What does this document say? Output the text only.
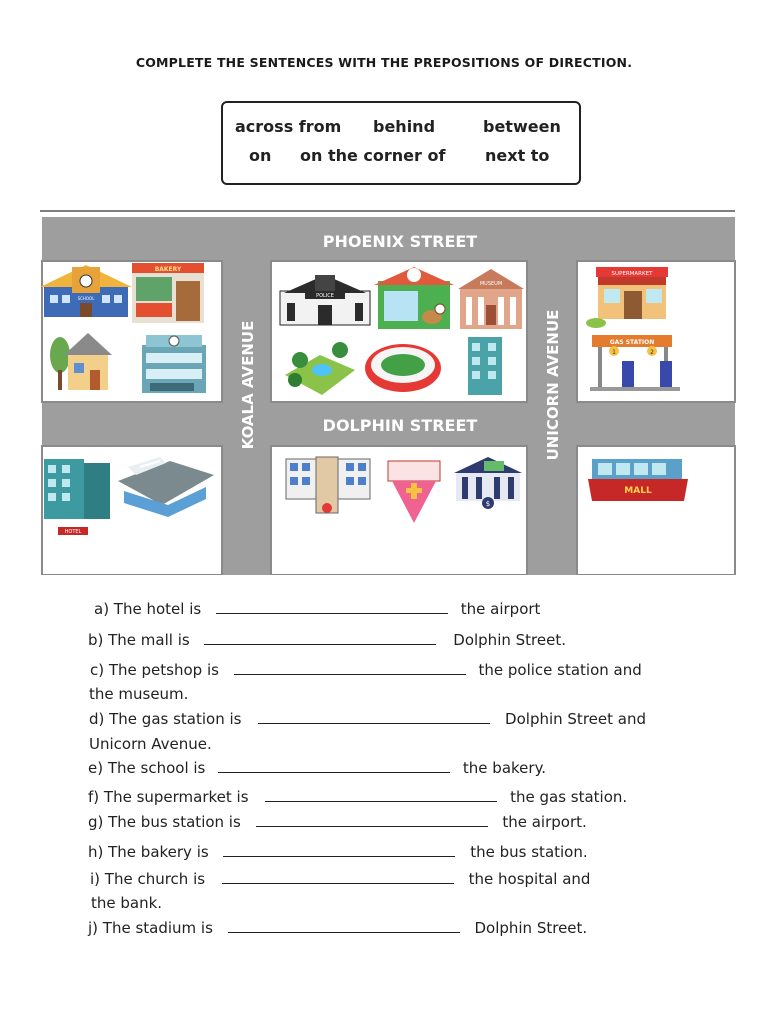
COMPLETE THE SENTENCES WITH THE PREPOSITIONS OF DIRECTION.
across from behind	between
on on the corner of next to
PHOENIX STREET
DOLPHIN STREET
KOALA AVENUE	UNICORN AVENUE
SCHOOL
BAKERY
POLICE
MUSEUM
SUPERMARKET
GAS STATION
1	2
HOTEL
$
MALL
a) The hotel is	the airport
b) The mall is	Dolphin Street.
c) The petshop is	the police station and
the museum.
d) The gas station is	Dolphin Street and
Unicorn Avenue.
e) The school is	the bakery.
f) The supermarket is	the gas station.
g) The bus station is	the airport.
h) The bakery is	the bus station.
i) The church is	the hospital and
the bank.
j) The stadium is	Dolphin Street.
